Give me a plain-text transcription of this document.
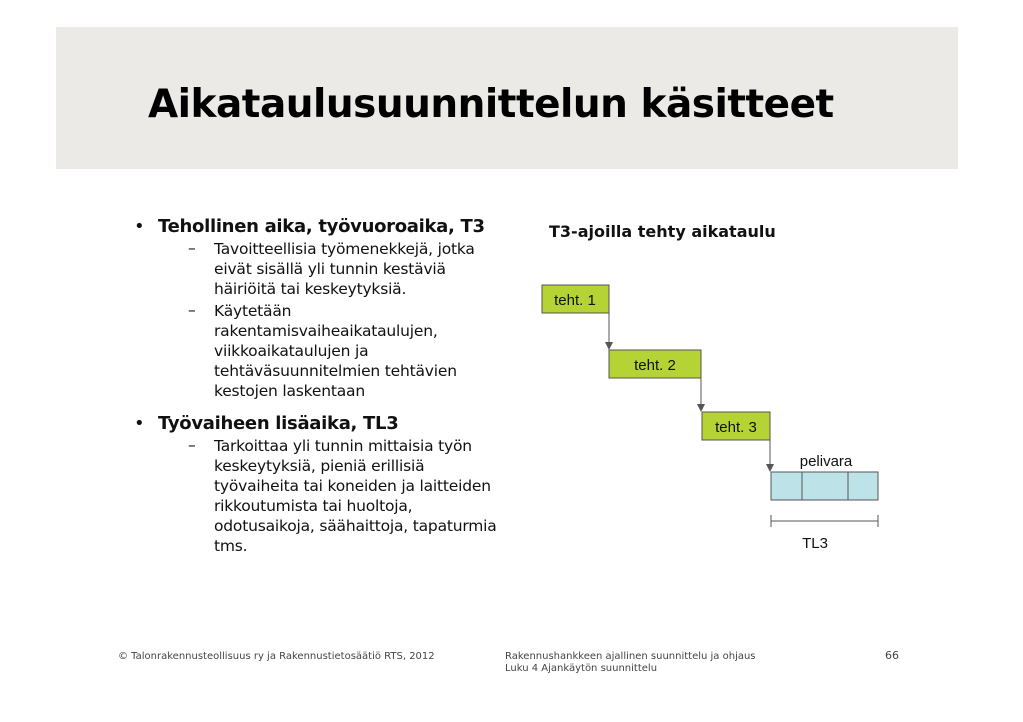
Aikataulusuunnittelun käsitteet
• Tehollinen aika, työvuoroaika, T3
– Tavoitteellisia työmenekkejä, jotka eivät sisällä yli tunnin kestäviä häiriöitä tai keskeytyksiä.
– Käytetään rakentamisvaiheaikataulujen, viikkoaikataulujen ja tehtäväsuunnitelmien tehtävien kestojen laskentaan
• Työvaiheen lisäaika, TL3
– Tarkoittaa yli tunnin mittaisia työn keskeytyksiä, pieniä erillisiä työvaiheita tai koneiden ja laitteiden rikkoutumista tai huoltoja, odotusaikoja, säähaittoja, tapaturmia tms.
T3-ajoilla tehty aikataulu
teht. 1
teht. 2
teht. 3
pelivara
TL3
© Talonrakennusteollisuus ry ja Rakennustietosäätiö RTS, 2012	Rakennushankkeen ajallinen suunnittelu ja ohjaus
Luku 4 Ajankäytön suunnittelu
66
